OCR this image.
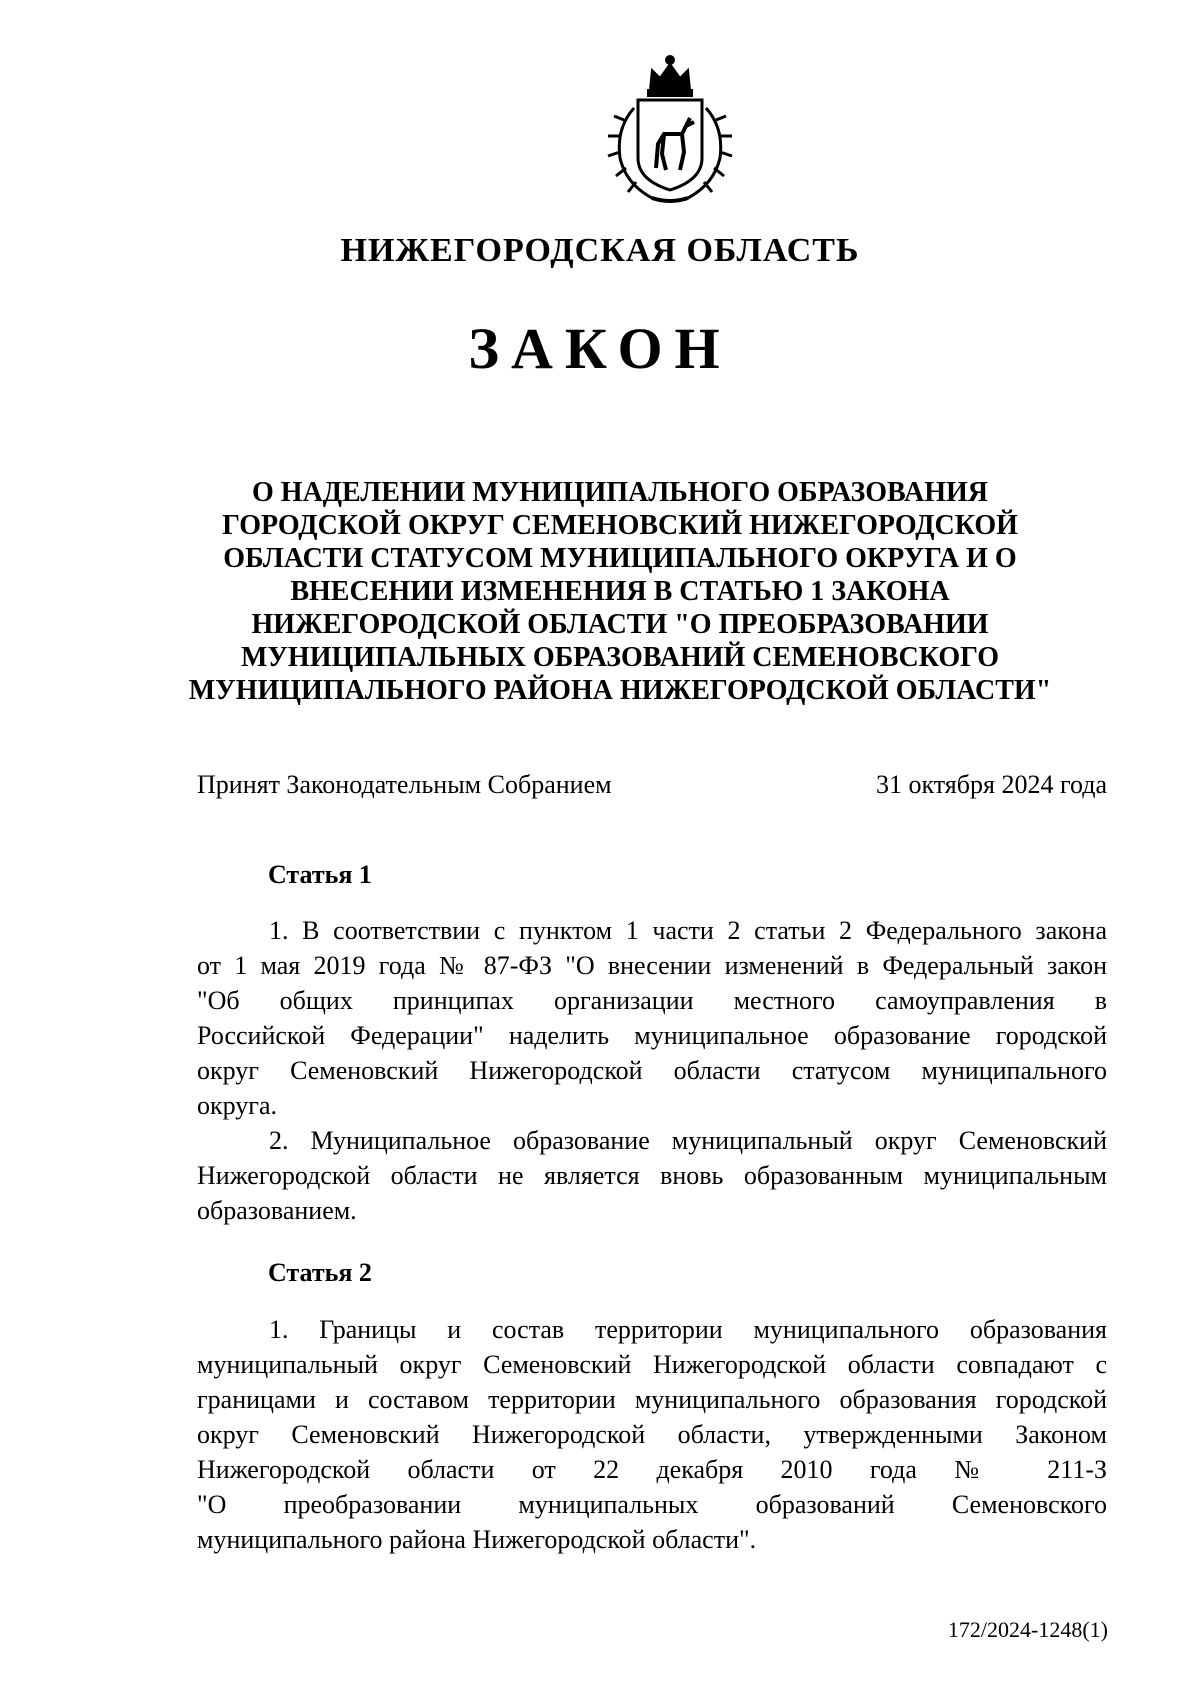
НИЖЕГОРОДСКАЯ ОБЛАСТЬ
ЗАКОН
О НАДЕЛЕНИИ МУНИЦИПАЛЬНОГО ОБРАЗОВАНИЯ
ГОРОДСКОЙ ОКРУГ СЕМЕНОВСКИЙ НИЖЕГОРОДСКОЙ
ОБЛАСТИ СТАТУСОМ МУНИЦИПАЛЬНОГО ОКРУГА И О
ВНЕСЕНИИ ИЗМЕНЕНИЯ В СТАТЬЮ 1 ЗАКОНА
НИЖЕГОРОДСКОЙ ОБЛАСТИ "О ПРЕОБРАЗОВАНИИ
МУНИЦИПАЛЬНЫХ ОБРАЗОВАНИЙ СЕМЕНОВСКОГО
МУНИЦИПАЛЬНОГО РАЙОНА НИЖЕГОРОДСКОЙ ОБЛАСТИ"
Принят Законодательным Собранием	31 октября 2024 года
Статья 1
1. В соответствии с пунктом 1 части 2 статьи 2 Федерального закона
от 1 мая 2019 года № 87-ФЗ "О внесении изменений в Федеральный закон
"Об общих принципах организации местного самоуправления в
Российской Федерации" наделить муниципальное образование городской
округ Семеновский Нижегородской области статусом муниципального
округа.
2. Муниципальное образование муниципальный округ Семеновский
Нижегородской области не является вновь образованным муниципальным
образованием.
Статья 2
1. Границы и состав территории муниципального образования
муниципальный округ Семеновский Нижегородской области совпадают с
границами и составом территории муниципального образования городской
округ Семеновский Нижегородской области, утвержденными Законом
Нижегородской области от 22 декабря 2010 года № 211-З
"О преобразовании муниципальных образований Семеновского
муниципального района Нижегородской области".
172/2024-1248(1)
